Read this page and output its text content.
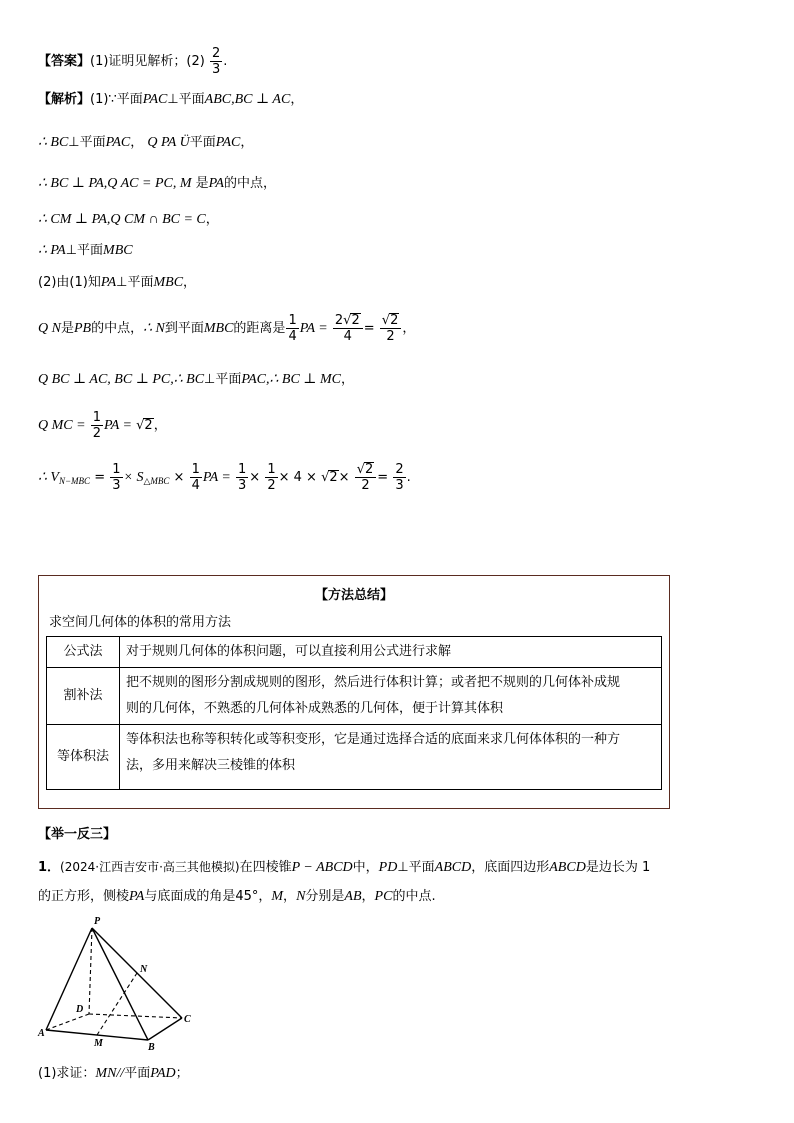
【答案】(1)证明见解析；$(2) \frac{2}{3}$ .
【解析】(1)∵平面PAC⊥平面ABC,BC ⊥ AC，
∴ BC⊥平面PAC， Q PA Ü平面PAC，
∴ BC ⊥ PA,Q AC = PC, M 是PA的中点，
∴ CM ⊥ PA,Q CM ∩ BC = C，
∴ PA⊥平面MBC
(2)由(1)知PA⊥平面MBC，
Q N是PB的中点，∴ N到平面MBC的距离是 $\frac{1}{4}$ PA = $\frac{2√2}{4} = \frac{√2}{2}$ ，
Q BC ⊥ AC, BC ⊥ PC,∴ BC⊥平面PAC,∴ BC ⊥ MC，
Q MC = $\frac{1}{2}$ PA = √2，
∴ $V_{N-MBC} = \frac{1}{3} \times S_{\triangle MBC} \times \frac{1}{4}$ PA = $\frac{1}{3} \times \frac{1}{2} \times 4 \times √2\times \frac{√2}{2} = \frac{2}{3}$ .
【方法总结】
求空间几何体的体积的常用方法
公式法	对于规则几何体的体积问题，可以直接利用公式进行求解
割补法	把不规则的图形分割成规则的图形，然后进行体积计算；或者把不规则的几何体补成规
则的几何体，不熟悉的几何体补成熟悉的几何体，便于计算其体积
等体积法	等体积法也称等积转化或等积变形，它是通过选择合适的底面来求几何体体积的一种方
法，多用来解决三棱锥的体积
【举一反三】
1．(2024·江西吉安市·高三其他模拟)在四棱锥P − ABCD中，PD⊥平面ABCD，底面四边形ABCD是边长为 1
的正方形，侧棱PA与底面成的角是45°，M，N分别是AB，PC的中点.
P
N
D
C
A
M	B
(1)求证：MN//平面PAD；
